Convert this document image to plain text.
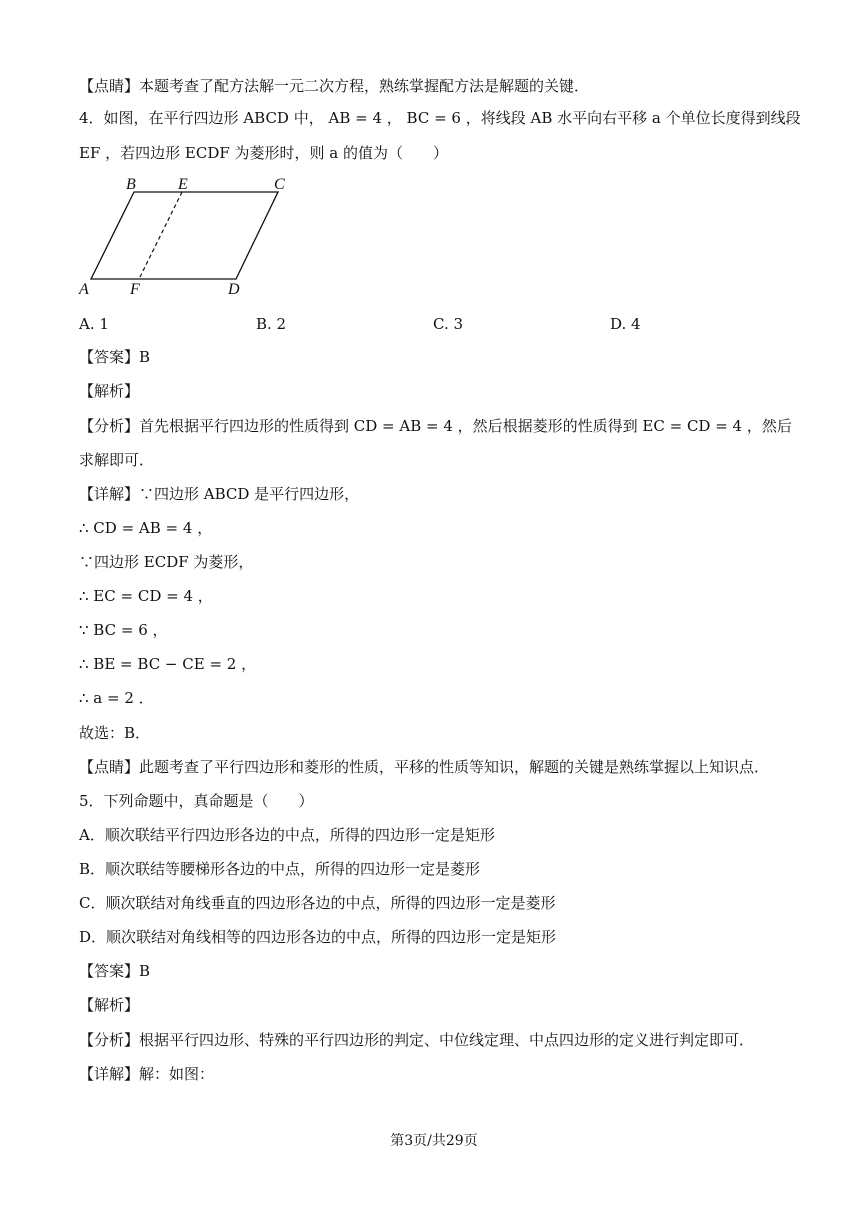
【点睛】本题考查了配方法解一元二次方程，熟练掌握配方法是解题的关键．
4．如图，在平行四边形 ABCD 中， AB = 4 ， BC = 6 ，将线段 AB 水平向右平移 a 个单位长度得到线段
EF ，若四边形 ECDF 为菱形时，则 a 的值为（　　）
B	E	C
A	F	D
A. 1	B. 2	C. 3	D. 4
【答案】B
【解析】
【分析】首先根据平行四边形的性质得到 CD = AB = 4 ，然后根据菱形的性质得到 EC = CD = 4 ，然后
求解即可．
【详解】∵四边形 ABCD 是平行四边形，
∴ CD = AB = 4 ，
∵四边形 ECDF 为菱形，
∴ EC = CD = 4 ，
∵ BC = 6 ，
∴ BE = BC − CE = 2 ，
∴ a = 2 ．
故选：B．
【点睛】此题考查了平行四边形和菱形的性质，平移的性质等知识，解题的关键是熟练掌握以上知识点．
5．下列命题中，真命题是（　　）
A．顺次联结平行四边形各边的中点，所得的四边形一定是矩形
B．顺次联结等腰梯形各边的中点，所得的四边形一定是菱形
C．顺次联结对角线垂直的四边形各边的中点，所得的四边形一定是菱形
D．顺次联结对角线相等的四边形各边的中点，所得的四边形一定是矩形
【答案】B
【解析】
【分析】根据平行四边形、特殊的平行四边形的判定、中位线定理、中点四边形的定义进行判定即可．
【详解】解：如图：
第3页/共29页
